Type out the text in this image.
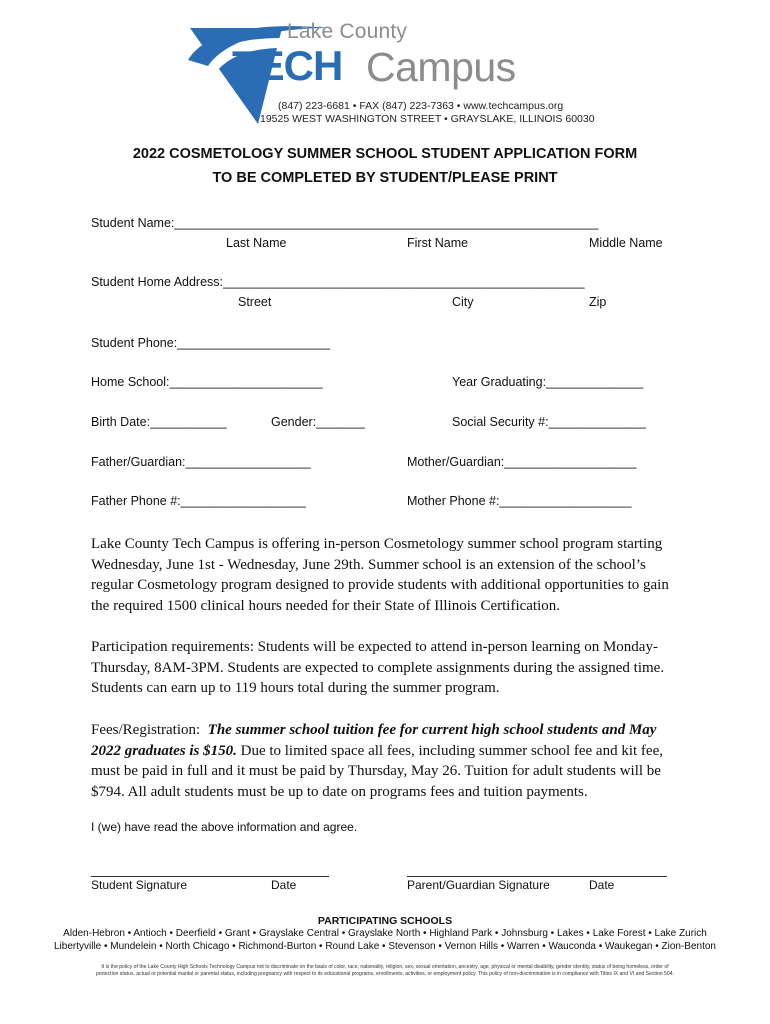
Lake County
TECH Campus
(847) 223-6681 • FAX (847) 223-7363 • www.techcampus.org
19525 WEST WASHINGTON STREET • GRAYSLAKE, ILLINOIS 60030
2022 COSMETOLOGY SUMMER SCHOOL STUDENT APPLICATION FORM
TO BE COMPLETED BY STUDENT/PLEASE PRINT
Student Name:_____________________________________________________________
Last Name	First Name	Middle Name
Student Home Address:____________________________________________________
Street	City	Zip
Student Phone:______________________
Home School:______________________	Year Graduating:______________
Birth Date:___________	Gender:_______	Social Security #:______________
Father/Guardian:__________________	Mother/Guardian:___________________
Father Phone #:__________________	Mother Phone #:___________________
Lake County Tech Campus is offering in-person Cosmetology summer school program starting Wednesday, June 1st - Wednesday, June 29th. Summer school is an extension of the school’s regular Cosmetology program designed to provide students with additional opportunities to gain the required 1500 clinical hours needed for their State of Illinois Certification.
Participation requirements: Students will be expected to attend in-person learning on Monday-Thursday, 8AM-3PM. Students are expected to complete assignments during the assigned time. Students can earn up to 119 hours total during the summer program.
Fees/Registration: The summer school tuition fee for current high school students and May 2022 graduates is $150. Due to limited space all fees, including summer school fee and kit fee, must be paid in full and it must be paid by Thursday, May 26. Tuition for adult students will be $794. All adult students must be up to date on programs fees and tuition payments.
I (we) have read the above information and agree.
Student Signature	Date	Parent/Guardian Signature	Date
PARTICIPATING SCHOOLS
Alden-Hebron • Antioch • Deerfield • Grant • Grayslake Central • Grayslake North • Highland Park • Johnsburg • Lakes • Lake Forest • Lake Zurich
Libertyville • Mundelein • North Chicago • Richmond-Burton • Round Lake • Stevenson • Vernon Hills • Warren • Wauconda • Waukegan • Zion-Benton
It is the policy of the Lake County High Schools Technology Campus not to discriminate on the basis of color, race, nationality, religion, sex, sexual orientation, ancestry, age, physical or mental disability, gender identity, status of being homeless, order of
protection status, actual or potential marital or parental status, including pregnancy with respect to its educational programs, enrollments, activities, or employment policy. This policy of non-discrimination is in compliance with Titles IX and VI and Section 504.
